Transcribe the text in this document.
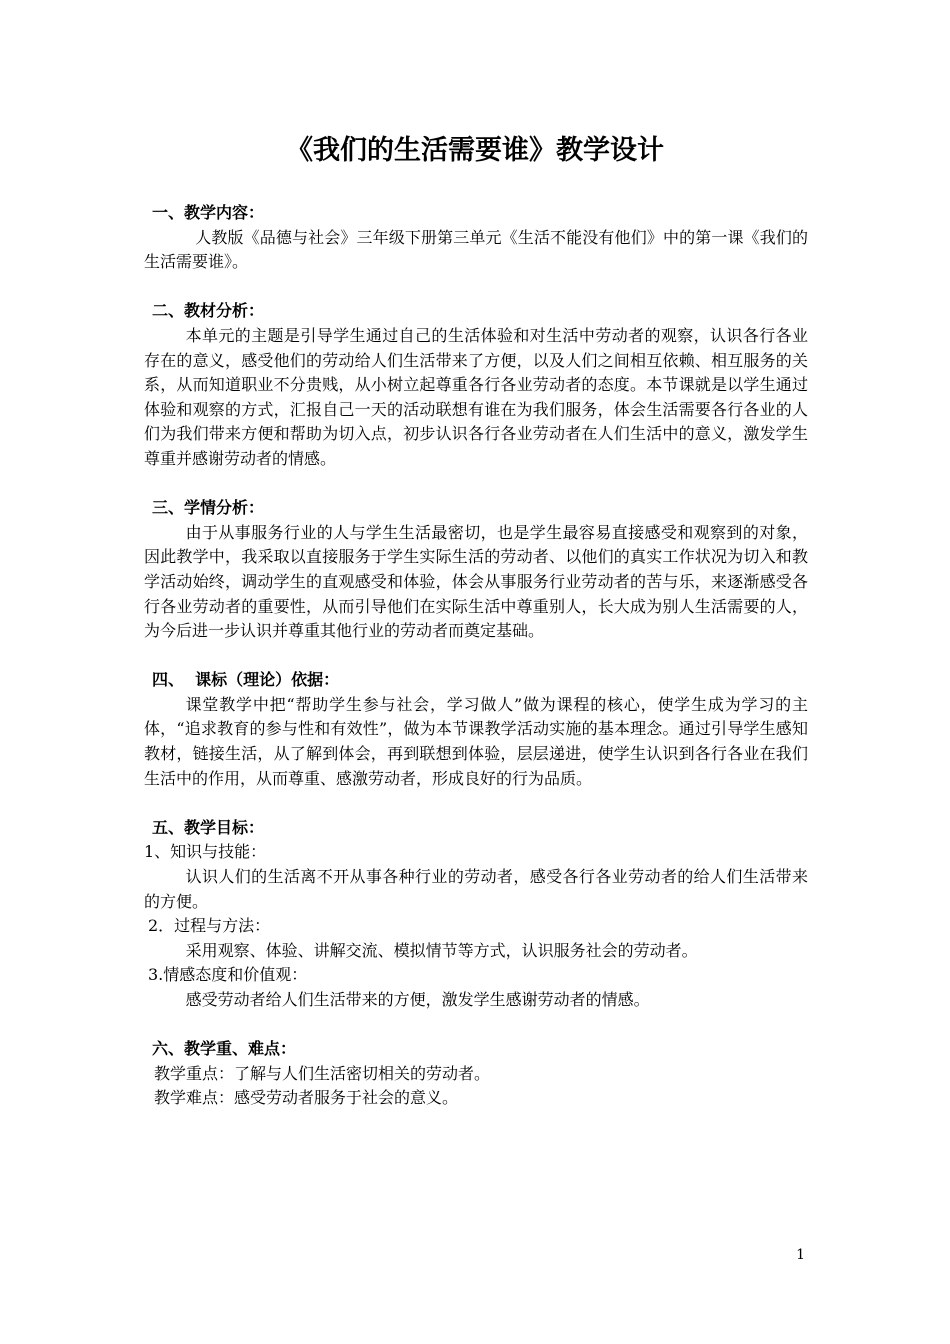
《我们的生活需要谁》教学设计
一、教学内容：

人教版《品德与社会》三年级下册第三单元《生活不能没有他们》中的第一课《我们的生活需要谁》。

二、教材分析：

本单元的主题是引导学生通过自己的生活体验和对生活中劳动者的观察，认识各行各业存在的意义，感受他们的劳动给人们生活带来了方便，以及人们之间相互依赖、相互服务的关系，从而知道职业不分贵贱，从小树立起尊重各行各业劳动者的态度。本节课就是以学生通过体验和观察的方式，汇报自己一天的活动联想有谁在为我们服务，体会生活需要各行各业的人们为我们带来方便和帮助为切入点，初步认识各行各业劳动者在人们生活中的意义，激发学生尊重并感谢劳动者的情感。

三、学情分析：

由于从事服务行业的人与学生生活最密切，也是学生最容易直接感受和观察到的对象，因此教学中，我采取以直接服务于学生实际生活的劳动者、以他们的真实工作状况为切入和教学活动始终，调动学生的直观感受和体验，体会从事服务行业劳动者的苦与乐，来逐渐感受各行各业劳动者的重要性，从而引导他们在实际生活中尊重别人，长大成为别人生活需要的人，为今后进一步认识并尊重其他行业的劳动者而奠定基础。

四、  课标（理论）依据：

课堂教学中把“帮助学生参与社会，学习做人”做为课程的核心，使学生成为学习的主体，“追求教育的参与性和有效性”，做为本节课教学活动实施的基本理念。通过引导学生感知教材，链接生活，从了解到体会，再到联想到体验，层层递进，使学生认识到各行各业在我们生活中的作用，从而尊重、感激劳动者，形成良好的行为品质。

五、教学目标：

1、知识与技能：

认识人们的生活离不开从事各种行业的劳动者，感受各行各业劳动者的给人们生活带来的方便。

2．过程与方法：

采用观察、体验、讲解交流、模拟情节等方式，认识服务社会的劳动者。

3.情感态度和价值观：

感受劳动者给人们生活带来的方便，激发学生感谢劳动者的情感。

六、教学重、难点：

教学重点：了解与人们生活密切相关的劳动者。

教学难点：感受劳动者服务于社会的意义。

1
